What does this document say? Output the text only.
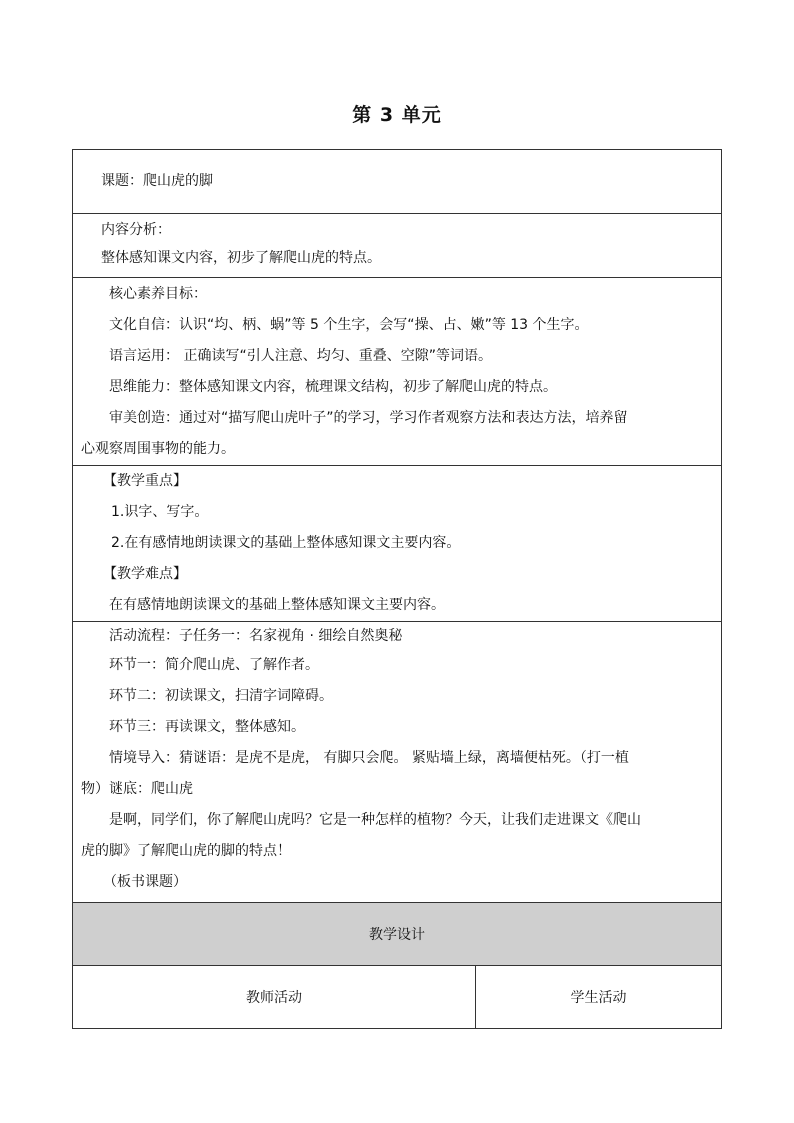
第 3 单元
课题：爬山虎的脚

内容分析：
整体感知课文内容，初步了解爬山虎的特点。

核心素养目标：
文化自信：认识“均、柄、蜗”等 5 个生字，会写“操、占、嫩”等 13 个生字。
语言运用： 正确读写“引人注意、均匀、重叠、空隙”等词语。
思维能力：整体感知课文内容，梳理课文结构，初步了解爬山虎的特点。
审美创造：通过对“描写爬山虎叶子”的学习，学习作者观察方法和表达方法，培养留
心观察周围事物的能力。

【教学重点】
1.识字、写字。
2.在有感情地朗读课文的基础上整体感知课文主要内容。
【教学难点】
在有感情地朗读课文的基础上整体感知课文主要内容。

活动流程：子任务一：名家视角 · 细绘自然奥秘
环节一：简介爬山虎、了解作者。
环节二：初读课文，扫清字词障碍。
环节三：再读课文，整体感知。
情境导入：猜谜语：是虎不是虎， 有脚只会爬。 紧贴墙上绿，离墙便枯死。（打一植
物）谜底：爬山虎
是啊，同学们，你了解爬山虎吗？它是一种怎样的植物？今天，让我们走进课文《爬山
虎的脚》了解爬山虎的脚的特点！
（板书课题）

教学设计
教师活动	学生活动
